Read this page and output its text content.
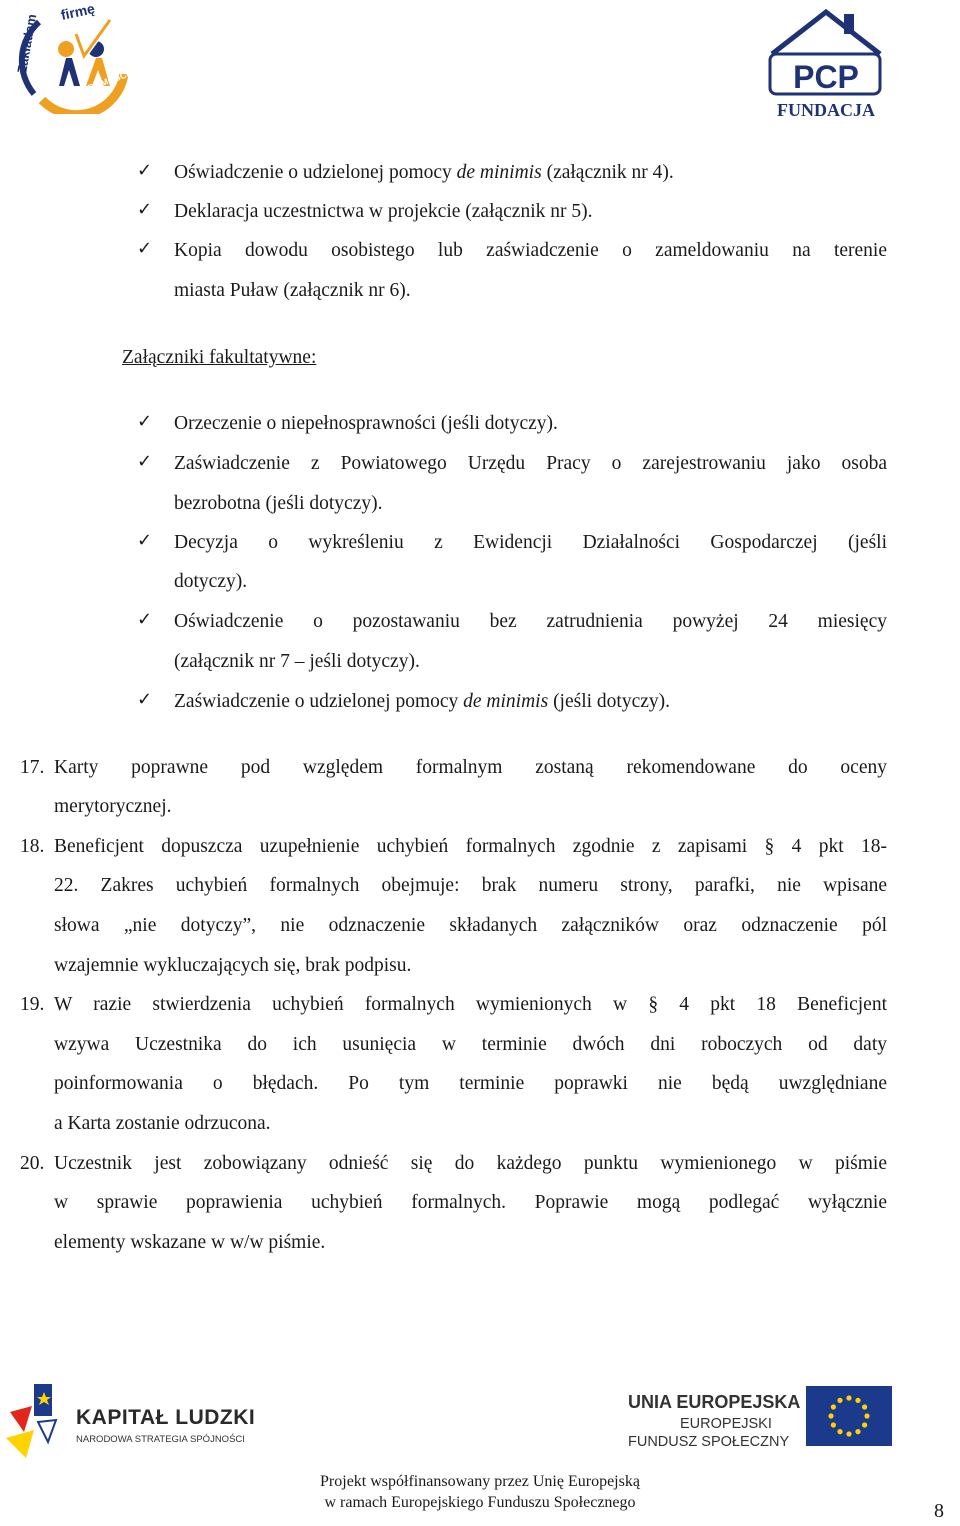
firmę
Zakładam
ZE ŚWIADOMOŚCIĄ	PCP
FUNDACJA
✓ Oświadczenie o udzielonej pomocy de minimis (załącznik nr 4).
✓ Deklaracja uczestnictwa w projekcie (załącznik nr 5).
✓ Kopia dowodu osobistego lub zaświadczenie o zameldowaniu na terenie
miasta Puław (załącznik nr 6).
Załączniki fakultatywne:
✓ Orzeczenie o niepełnosprawności (jeśli dotyczy).
✓ Zaświadczenie z Powiatowego Urzędu Pracy o zarejestrowaniu jako osoba
bezrobotna (jeśli dotyczy).
✓ Decyzja o wykreśleniu z Ewidencji Działalności Gospodarczej (jeśli
dotyczy).
✓ Oświadczenie o pozostawaniu bez zatrudnienia powyżej 24 miesięcy
(załącznik nr 7 – jeśli dotyczy).
✓ Zaświadczenie o udzielonej pomocy de minimis (jeśli dotyczy).
17. Karty poprawne pod względem formalnym zostaną rekomendowane do oceny
merytorycznej.
18. Beneficjent dopuszcza uzupełnienie uchybień formalnych zgodnie z zapisami § 4 pkt 18-
22. Zakres uchybień formalnych obejmuje: brak numeru strony, parafki, nie wpisane
słowa „nie dotyczy”, nie odznaczenie składanych załączników oraz odznaczenie pól
wzajemnie wykluczających się, brak podpisu.
19. W razie stwierdzenia uchybień formalnych wymienionych w § 4 pkt 18 Beneficjent
wzywa Uczestnika do ich usunięcia w terminie dwóch dni roboczych od daty
poinformowania o błędach. Po tym terminie poprawki nie będą uwzględniane
a Karta zostanie odrzucona.
20. Uczestnik jest zobowiązany odnieść się do każdego punktu wymienionego w piśmie
w sprawie poprawienia uchybień formalnych. Poprawie mogą podlegać wyłącznie
elementy wskazane w w/w piśmie.
KAPITAŁ LUDZKI
NARODOWA STRATEGIA SPÓJNOŚCI
UNIA EUROPEJSKA
EUROPEJSKI
FUNDUSZ SPOŁECZNY
Projekt współfinansowany przez Unię Europejską
w ramach Europejskiego Funduszu Społecznego	8
